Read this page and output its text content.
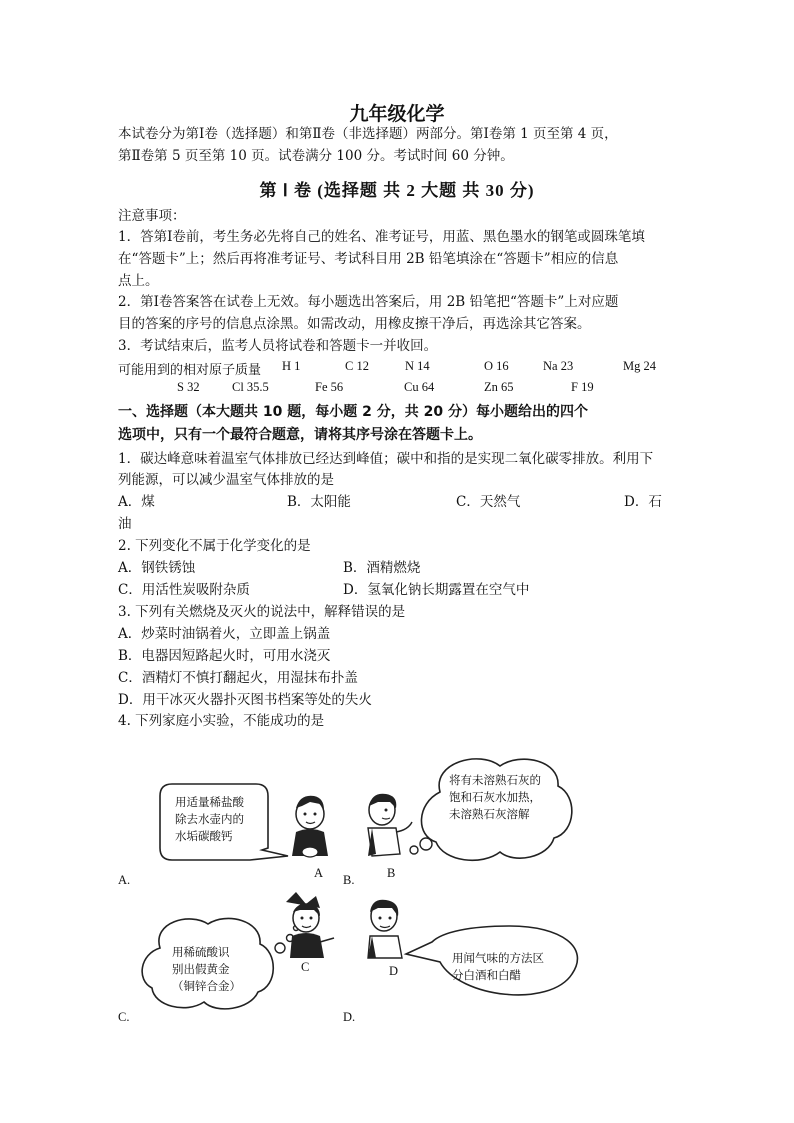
九年级化学
本试卷分为第Ⅰ卷（选择题）和第Ⅱ卷（非选择题）两部分。第Ⅰ卷第 1 页至第 4 页，
第Ⅱ卷第 5 页至第 10 页。试卷满分 100 分。考试时间 60 分钟。
第 Ⅰ 卷 (选择题 共 2 大题 共 30 分)
注意事项：
1．答第Ⅰ卷前，考生务必先将自己的姓名、准考证号，用蓝、黑色墨水的钢笔或圆珠笔填
在“答题卡”上；然后再将准考证号、考试科目用 2B 铅笔填涂在“答题卡”相应的信息
点上。
2．第Ⅰ卷答案答在试卷上无效。每小题选出答案后，用 2B 铅笔把“答题卡”上对应题
目的答案的序号的信息点涂黑。如需改动，用橡皮擦干净后，再选涂其它答案。
3．考试结束后，监考人员将试卷和答题卡一并收回。
可能用到的相对原子质量 H 1	C 12	N 14	O 16	Na 23	Mg 24
S 32	Cl 35.5	Fe 56	Cu 64	Zn 65	F 19
一、选择题（本大题共 10 题，每小题 2 分，共 20 分）每小题给出的四个
选项中，只有一个最符合题意，请将其序号涂在答题卡上。
1．碳达峰意味着温室气体排放已经达到峰值；碳中和指的是实现二氧化碳零排放。利用下
列能源，可以减少温室气体排放的是
A．煤	B．太阳能	C．天然气	D．石
油
2. 下列变化不属于化学变化的是
A．钢铁锈蚀	B．酒精燃烧
C．用活性炭吸附杂质	D．氢氧化钠长期露置在空气中
3. 下列有关燃烧及灭火的说法中，解释错误的是
A．炒菜时油锅着火，立即盖上锅盖
B．电器因短路起火时，可用水浇灭
C．酒精灯不慎打翻起火，用湿抹布扑盖
D．用干冰灭火器扑灭图书档案等处的失火
4. 下列家庭小实验，不能成功的是
用适量稀盐酸
除去水壶内的
水垢碳酸钙
将有未溶熟石灰的
饱和石灰水加热，
未溶熟石灰溶解
用稀硫酸识
别出假黄金
（铜锌合金）
用闻气味的方法区
分白酒和白醋
A	B
C	D
A.	B.
C.	D.
